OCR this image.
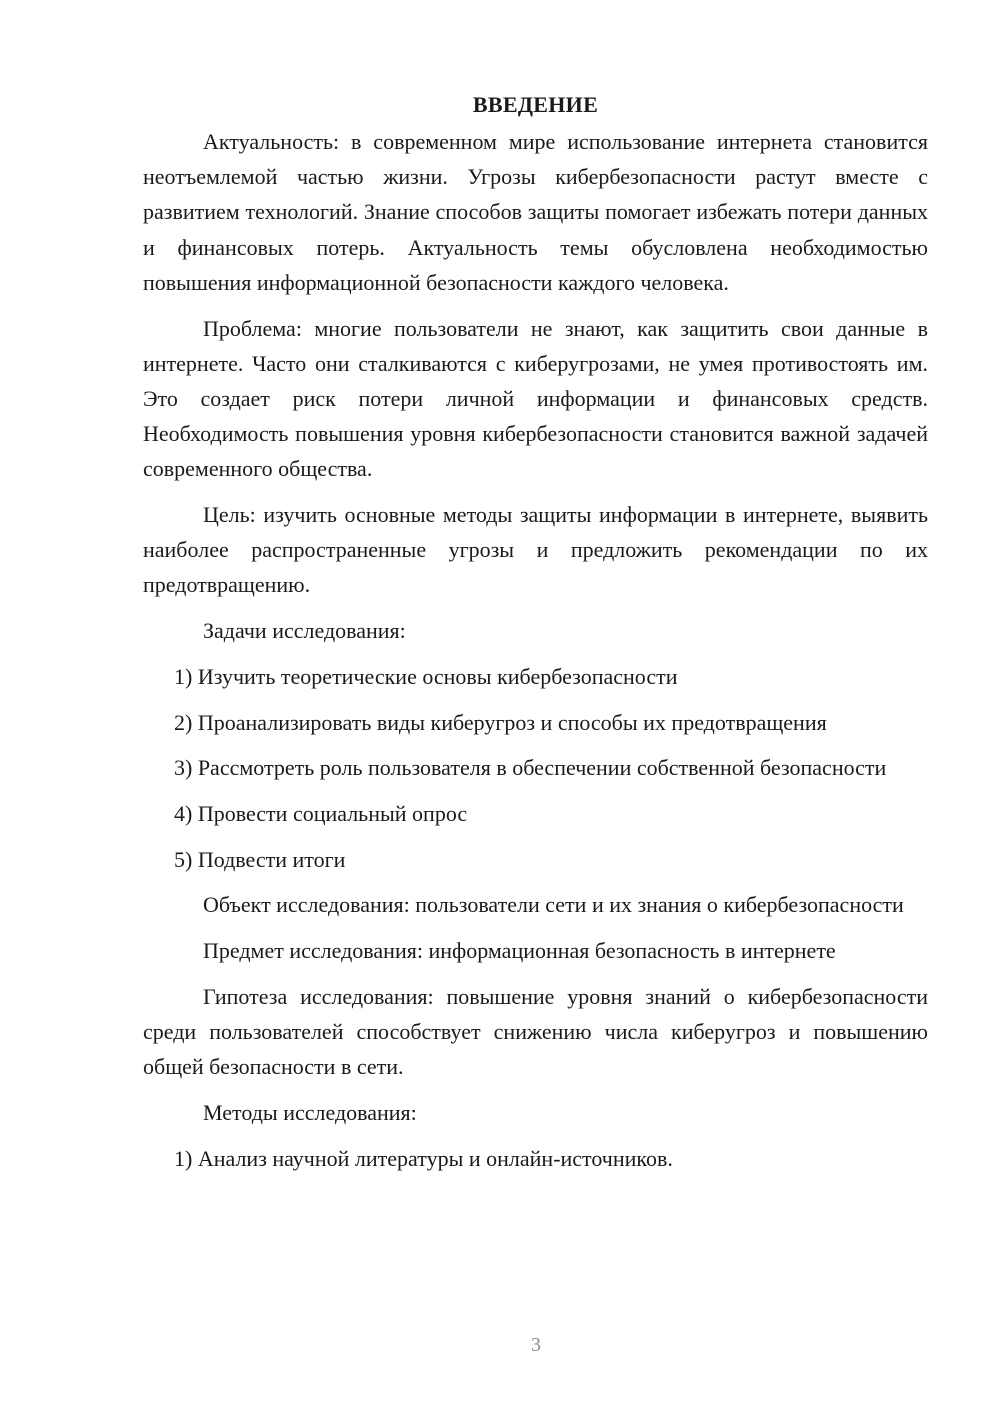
ВВЕДЕНИЕ

Актуальность: в современном мире использование интернета становится неотъемлемой частью жизни. Угрозы кибербезопасности растут вместе с развитием технологий. Знание способов защиты помогает избежать потери данных и финансовых потерь. Актуальность темы обусловлена необходимостью повышения информационной безопасности каждого человека.

Проблема: многие пользователи не знают, как защитить свои данные в интернете. Часто они сталкиваются с киберугрозами, не умея противостоять им. Это создает риск потери личной информации и финансовых средств. Необходимость повышения уровня кибербезопасности становится важной задачей современного общества.

Цель: изучить основные методы защиты информации в интернете, выявить наиболее распространенные угрозы и предложить рекомендации по их предотвращению.

Задачи исследования:

1) Изучить теоретические основы кибербезопасности

2) Проанализировать виды киберугроз и способы их предотвращения

3) Рассмотреть роль пользователя в обеспечении собственной безопасности

4) Провести социальный опрос

5) Подвести итоги

Объект исследования: пользователи сети и их знания о кибербезопасности

Предмет исследования: информационная безопасность в интернете

Гипотеза исследования: повышение уровня знаний о кибербезопасности среди пользователей способствует снижению числа киберугроз и повышению общей безопасности в сети.

Методы исследования:

1) Анализ научной литературы и онлайн-источников.

3
